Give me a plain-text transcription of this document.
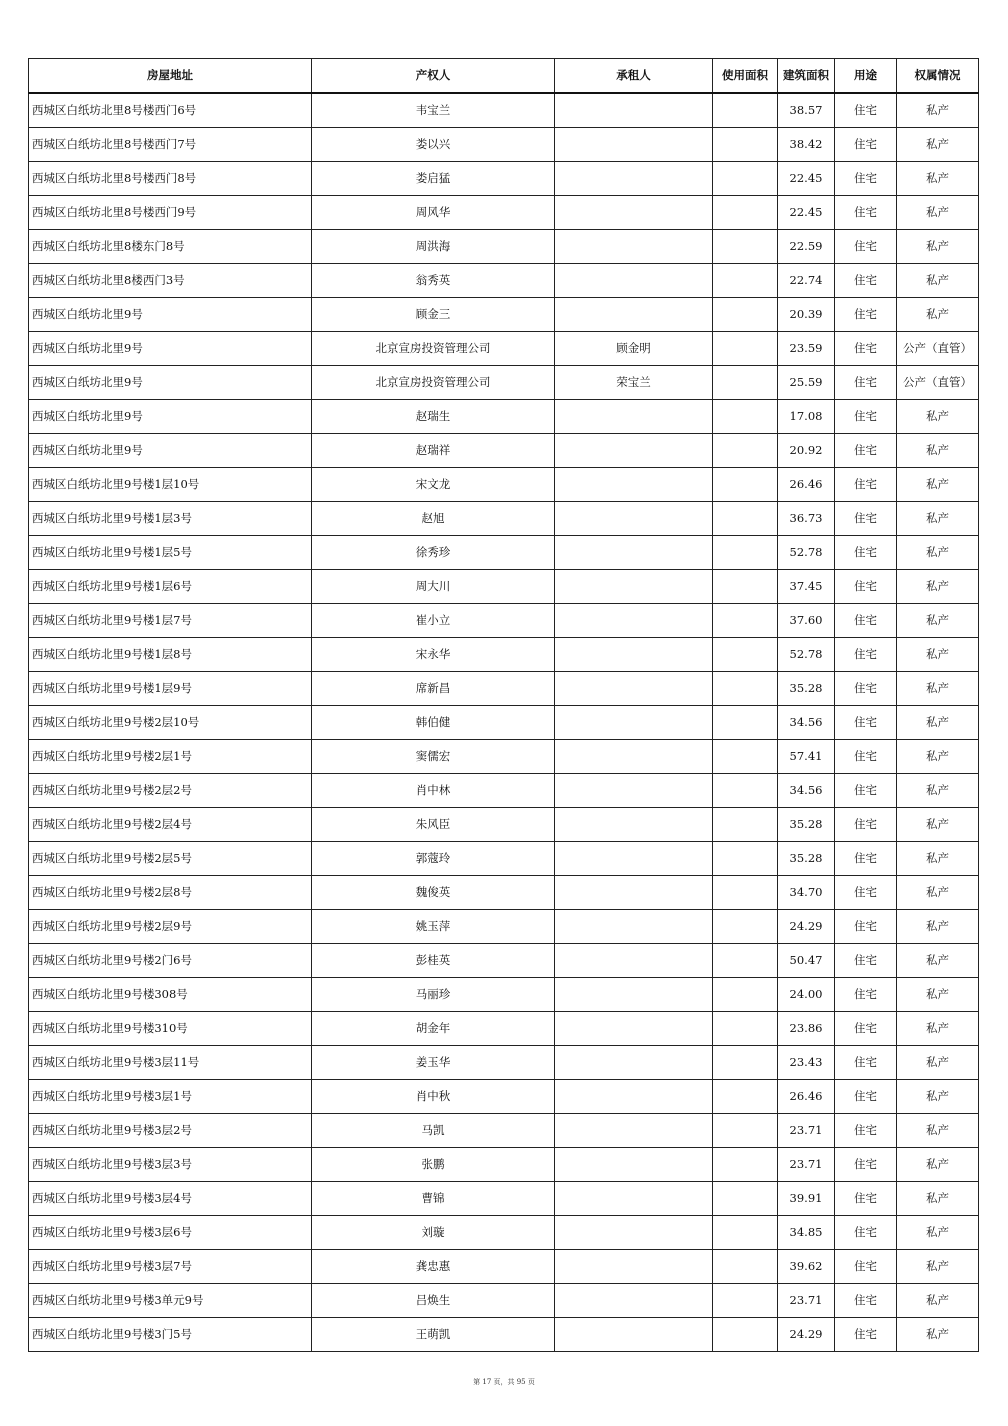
房屋地址	产权人	承租人	使用面积	建筑面积	用途	权属情况
西城区白纸坊北里8号楼西门6号	韦宝兰			38.57	住宅	私产
西城区白纸坊北里8号楼西门7号	娄以兴			38.42	住宅	私产
西城区白纸坊北里8号楼西门8号	娄启猛			22.45	住宅	私产
西城区白纸坊北里8号楼西门9号	周风华			22.45	住宅	私产
西城区白纸坊北里8楼东门8号	周洪海			22.59	住宅	私产
西城区白纸坊北里8楼西门3号	翁秀英			22.74	住宅	私产
西城区白纸坊北里9号	顾金三			20.39	住宅	私产
西城区白纸坊北里9号	北京宣房投资管理公司	顾金明		23.59	住宅	公产（直管）
西城区白纸坊北里9号	北京宣房投资管理公司	荣宝兰		25.59	住宅	公产（直管）
西城区白纸坊北里9号	赵瑞生			17.08	住宅	私产
西城区白纸坊北里9号	赵瑞祥			20.92	住宅	私产
西城区白纸坊北里9号楼1层10号	宋文龙			26.46	住宅	私产
西城区白纸坊北里9号楼1层3号	赵旭			36.73	住宅	私产
西城区白纸坊北里9号楼1层5号	徐秀珍			52.78	住宅	私产
西城区白纸坊北里9号楼1层6号	周大川			37.45	住宅	私产
西城区白纸坊北里9号楼1层7号	崔小立			37.60	住宅	私产
西城区白纸坊北里9号楼1层8号	宋永华			52.78	住宅	私产
西城区白纸坊北里9号楼1层9号	席新昌			35.28	住宅	私产
西城区白纸坊北里9号楼2层10号	韩伯健			34.56	住宅	私产
西城区白纸坊北里9号楼2层1号	窦儒宏			57.41	住宅	私产
西城区白纸坊北里9号楼2层2号	肖中林			34.56	住宅	私产
西城区白纸坊北里9号楼2层4号	朱风臣			35.28	住宅	私产
西城区白纸坊北里9号楼2层5号	郭蔻玲			35.28	住宅	私产
西城区白纸坊北里9号楼2层8号	魏俊英			34.70	住宅	私产
西城区白纸坊北里9号楼2层9号	姚玉萍			24.29	住宅	私产
西城区白纸坊北里9号楼2门6号	彭桂英			50.47	住宅	私产
西城区白纸坊北里9号楼308号	马丽珍			24.00	住宅	私产
西城区白纸坊北里9号楼310号	胡金年			23.86	住宅	私产
西城区白纸坊北里9号楼3层11号	姜玉华			23.43	住宅	私产
西城区白纸坊北里9号楼3层1号	肖中秋			26.46	住宅	私产
西城区白纸坊北里9号楼3层2号	马凯			23.71	住宅	私产
西城区白纸坊北里9号楼3层3号	张鹏			23.71	住宅	私产
西城区白纸坊北里9号楼3层4号	曹锦			39.91	住宅	私产
西城区白纸坊北里9号楼3层6号	刘璇			34.85	住宅	私产
西城区白纸坊北里9号楼3层7号	龚忠惠			39.62	住宅	私产
西城区白纸坊北里9号楼3单元9号	吕焕生			23.71	住宅	私产
西城区白纸坊北里9号楼3门5号	王萌凯			24.29	住宅	私产
第 17 页，共 95 页
